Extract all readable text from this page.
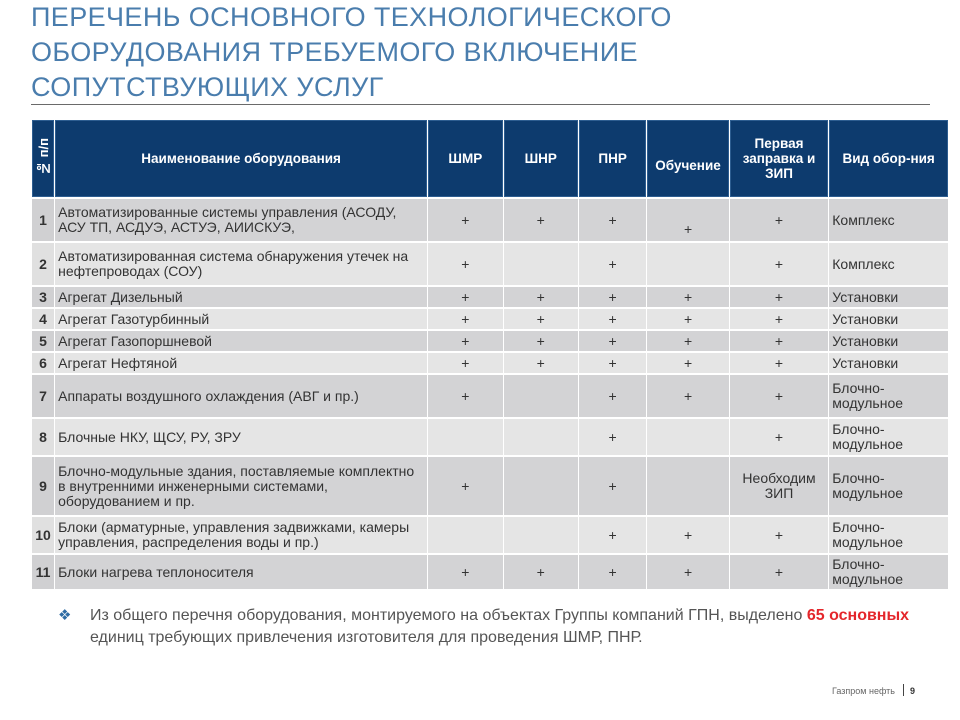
ПЕРЕЧЕНЬ ОСНОВНОГО ТЕХНОЛОГИЧЕСКОГО
ОБОРУДОВАНИЯ ТРЕБУЕМОГО ВКЛЮЧЕНИЕ
СОПУТСТВУЮЩИХ УСЛУГ
№ п/п	Наименование оборудования	ШМР	ШНР	ПНР	Обучение	Первая заправка и ЗИП	Вид обор-ния
1	Автоматизированные системы управления (АСОДУ, АСУ ТП, АСДУЭ, АСТУЭ, АИИСКУЭ,	+	+	+	+	+	Комплекс
2	Автоматизированная система обнаружения утечек на нефтепроводах (СОУ)	+		+		+	Комплекс
3	Агрегат Дизельный	+	+	+	+	+	Установки
4	Агрегат Газотурбинный	+	+	+	+	+	Установки
5	Агрегат Газопоршневой	+	+	+	+	+	Установки
6	Агрегат Нефтяной	+	+	+	+	+	Установки
7	Аппараты воздушного охлаждения (АВГ и пр.)	+		+	+	+	Блочно-модульное
8	Блочные НКУ, ЩСУ, РУ, ЗРУ			+		+	Блочно-модульное
9	Блочно-модульные здания, поставляемые комплектно в внутренними инженерными системами, оборудованием и пр.	+		+		Необходим ЗИП	Блочно-модульное
10	Блоки (арматурные, управления задвижками, камеры управления, распределения воды и пр.)			+	+	+	Блочно-модульное
11	Блоки нагрева теплоносителя	+	+	+	+	+	Блочно-модульное
❖	Из общего перечня оборудования, монтируемого на объектах Группы компаний ГПН, выделено 65 основных единиц требующих привлечения изготовителя для проведения ШМР, ПНР.
Газпром нефть 9
